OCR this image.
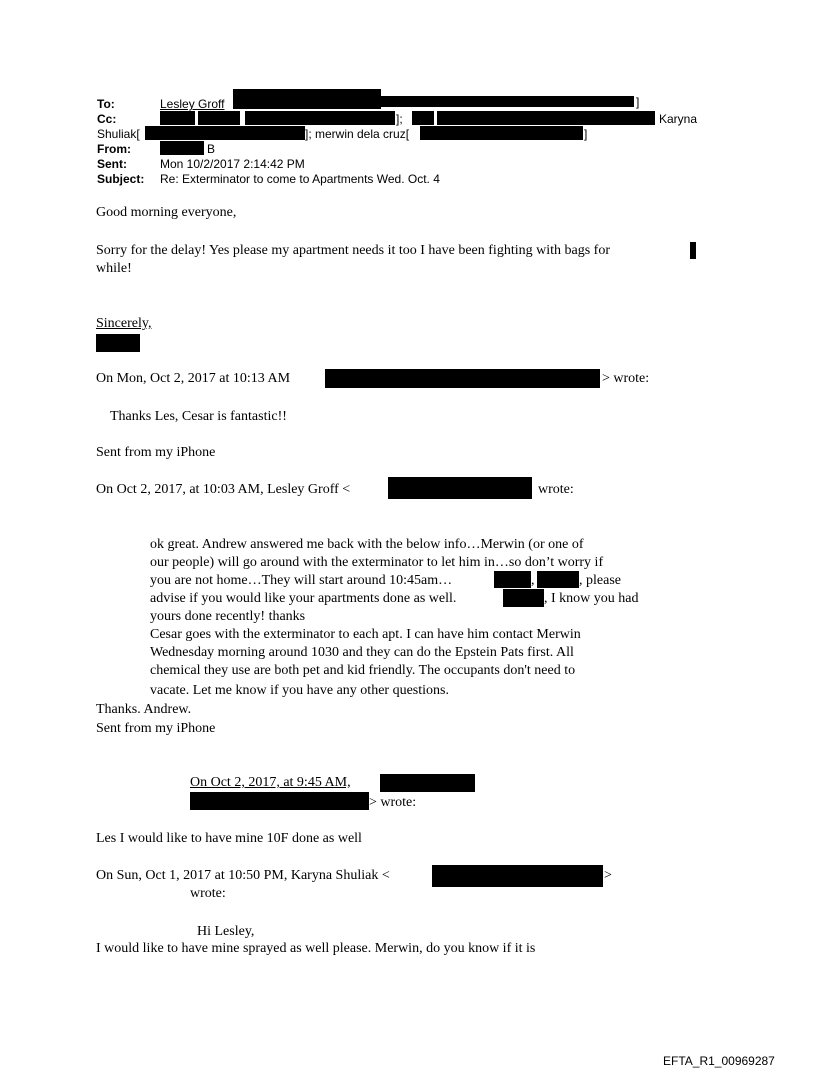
To:	Lesley Groff	]
Cc:	];	Karyna
Shuliak[	]; merwin dela cruz[	]
From:	B
Sent:	Mon 10/2/2017 2:14:42 PM
Subject: Re: Exterminator to come to Apartments Wed. Oct. 4
Good morning everyone,
Sorry for the delay! Yes please my apartment needs it too I have been fighting with bags for
while!
Sincerely,
On Mon, Oct 2, 2017 at 10:13 AM	> wrote:
Thanks Les, Cesar is fantastic!!
Sent from my iPhone
On Oct 2, 2017, at 10:03 AM, Lesley Groff <	wrote:
ok great. Andrew answered me back with the below info…Merwin (or one of
our people) will go around with the exterminator to let him in…so don’t worry if
you are not home…They will start around 10:45am…	,	, please
advise if you would like your apartments done as well.	, I know you had
yours done recently! thanks
Cesar goes with the exterminator to each apt. I can have him contact Merwin
Wednesday morning around 1030 and they can do the Epstein Pats first. All
chemical they use are both pet and kid friendly. The occupants don't need to
vacate. Let me know if you have any other questions.
Thanks. Andrew.
Sent from my iPhone
On Oct 2, 2017, at 9:45 AM,
> wrote:
Les I would like to have mine 10F done as well
On Sun, Oct 1, 2017 at 10:50 PM, Karyna Shuliak <	>
wrote:
Hi Lesley,
I would like to have mine sprayed as well please. Merwin, do you know if it is
EFTA_R1_00969287
